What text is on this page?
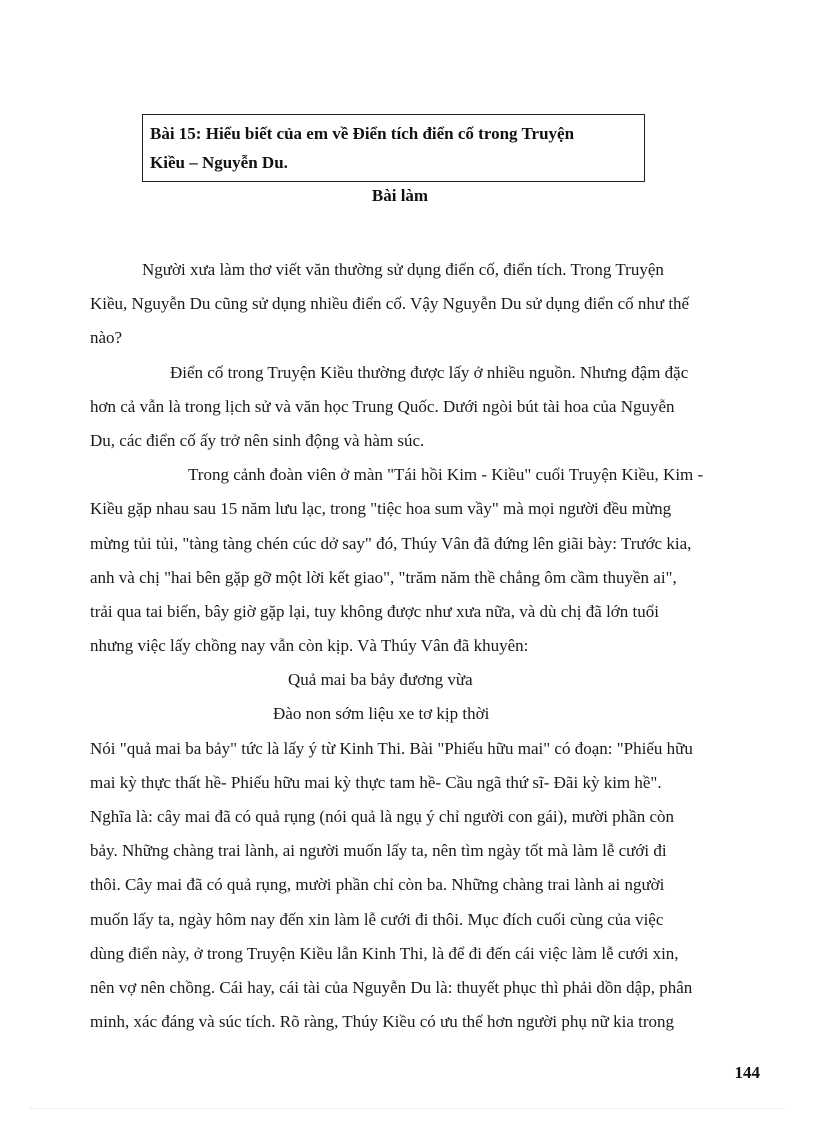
Bài 15: Hiểu biết của em về Điển tích điển cố trong Truyện
Kiều – Nguyễn Du.
Bài làm
Người xưa làm thơ viết văn thường sử dụng điển cố, điển tích. Trong Truyện
Kiều, Nguyễn Du cũng sử dụng nhiều điển cố. Vậy Nguyễn Du sử dụng điển cố như thế
nào?
Điển cố trong Truyện Kiều thường được lấy ở nhiều nguồn. Nhưng đậm đặc
hơn cả vẫn là trong lịch sử và văn học Trung Quốc. Dưới ngòi bút tài hoa của Nguyễn
Du, các điển cố ấy trở nên sinh động và hàm súc.
Trong cảnh đoàn viên ở màn "Tái hồi Kim - Kiều" cuối Truyện Kiều, Kim -
Kiều gặp nhau sau 15 năm lưu lạc, trong "tiệc hoa sum vầy" mà mọi người đều mừng
mừng tủi tủi, "tàng tàng chén cúc dở say" đó, Thúy Vân đã đứng lên giãi bày: Trước kia,
anh và chị "hai bên gặp gỡ một lời kết giao", "trăm năm thề chẳng ôm cầm thuyền ai",
trải qua tai biến, bây giờ gặp lại, tuy không được như xưa nữa, và dù chị đã lớn tuổi
nhưng việc lấy chồng nay vẫn còn kịp. Và Thúy Vân đã khuyên:
Quả mai ba bảy đương vừa
Đào non sớm liệu xe tơ kịp thời
Nói "quả mai ba bảy" tức là lấy ý từ Kinh Thi. Bài "Phiếu hữu mai" có đoạn: "Phiếu hữu
mai kỳ thực thất hề- Phiếu hữu mai kỳ thực tam hề- Cầu ngã thứ sĩ- Đãi kỳ kim hề".
Nghĩa là: cây mai đã có quả rụng (nói quả là ngụ ý chỉ người con gái), mười phần còn
bảy. Những chàng trai lành, ai người muốn lấy ta, nên tìm ngày tốt mà làm lễ cưới đi
thôi. Cây mai đã có quả rụng, mười phần chỉ còn ba. Những chàng trai lành ai người
muốn lấy ta, ngày hôm nay đến xin làm lễ cưới đi thôi. Mục đích cuối cùng của việc
dùng điển này, ở trong Truyện Kiều lẫn Kinh Thi, là để đi đến cái việc làm lễ cưới xin,
nên vợ nên chồng. Cái hay, cái tài của Nguyễn Du là: thuyết phục thì phải dồn dập, phân
minh, xác đáng và súc tích. Rõ ràng, Thúy Kiều có ưu thế hơn người phụ nữ kia trong
144
